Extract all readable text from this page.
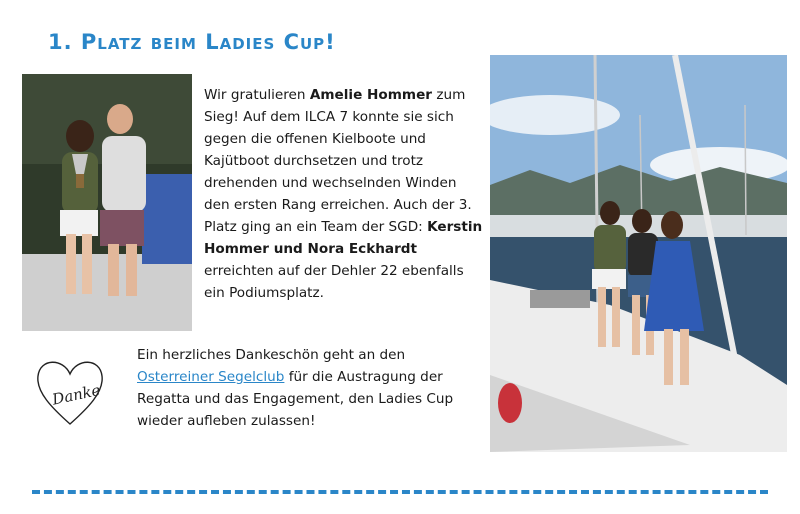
1. Platz beim Ladies Cup!

Wir gratulieren Amelie Hommer zum Sieg! Auf dem ILCA 7 konnte sie sich gegen die offenen Kielboote und Kajütboot durchsetzen und trotz drehenden und wechselnden Winden den ersten Rang erreichen. Auch der 3. Platz ging an ein Team der SGD: Kerstin Hommer und Nora Eckhardt erreichten auf der Dehler 22 ebenfalls ein Podiumsplatz.

Danke

Ein herzliches Dankeschön geht an den Osterreiner Segelclub für die Austragung der Regatta und das Engagement, den Ladies Cup wieder aufleben zulassen!
